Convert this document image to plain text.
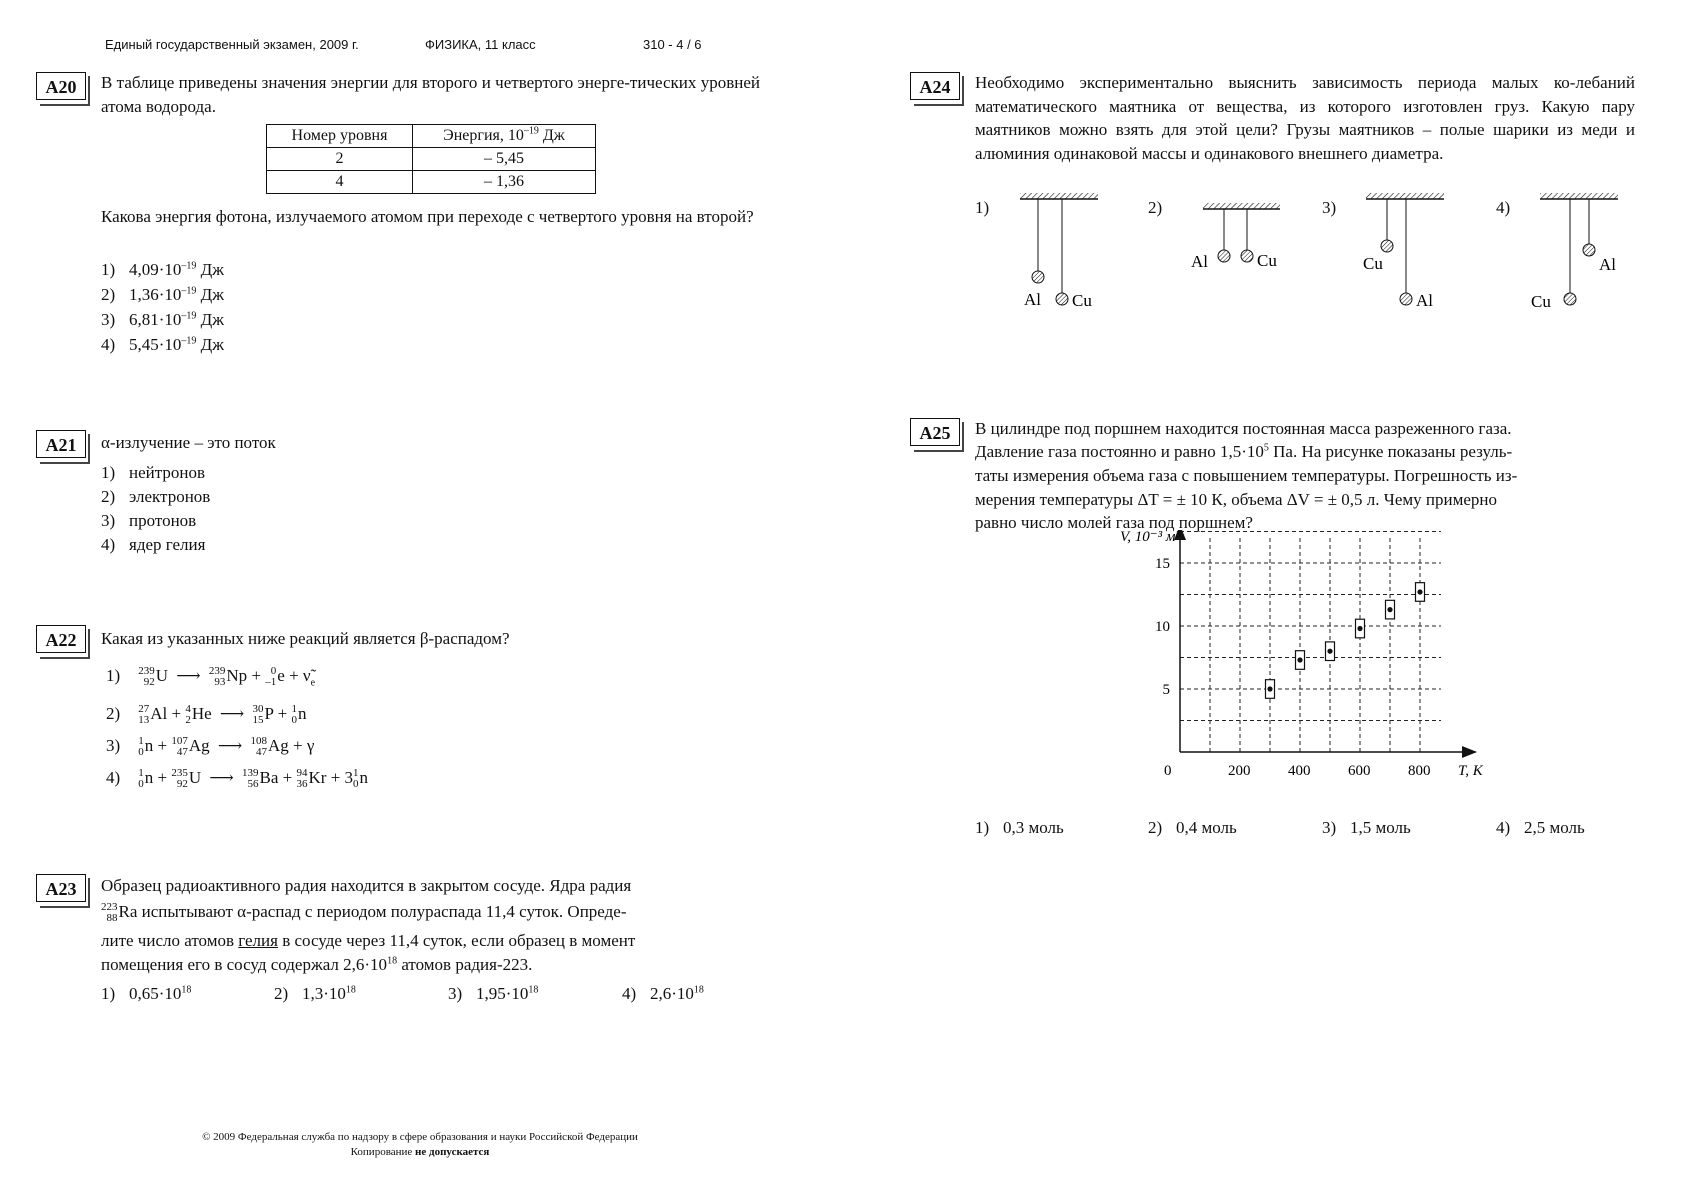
Единый государственный экзамен, 2009 г.	ФИЗИКА, 11 класс	310 - 4 / 6
A20	В таблице приведены значения энергии для второго и четвертого энерге-тических уровней атома водорода.
Номер уровня	Энергия, $10^{-19}$ Дж
2	– 5,45
4	– 1,36
Какова энергия фотона, излучаемого атомом при переходе с четвертого уровня на второй?
1) $4,09\cdot 10^{-19}$ Дж
2) $1,36\cdot 10^{-19}$ Дж
3) $6,81\cdot 10^{-19}$ Дж
4) $5,45\cdot 10^{-19}$ Дж
A21	α-излучение – это поток
1) нейтронов
2) электронов
3) протонов
4) ядер гелия
A22	Какая из указанных ниже реакций является β-распадом?
1) 239
92 U ⟶ 239
93 Np + 0
–1 $e + \nũ_e$
2) 27
13 Al + 4
2 He ⟶ 30
15 P + 1
0 n
3) 1
0 n + 107
47 Ag ⟶ 108
47 Ag + γ
4) 1
0 n + 235
92 U ⟶ 139
56 Ba + 94
36 Kr + 3 1
0 n
A23	Образец радиоактивного радия находится в закрытом сосуде. Ядра радия
223
88 Ra испытывают α-распад с периодом полураспада 11,4 суток. Опреде-
лите число атомов гелия в сосуде через 11,4 суток, если образец в момент
помещения его в сосуд содержал $2,6\cdot 10^{18}$ атомов радия-223.
1) $0,65\cdot 10^{18}$	2) $1,3\cdot 10^{18}$	3) $1,95\cdot 10^{18}$	4) $2,6\cdot 10^{18}$
A24	Необходимо экспериментально выяснить зависимость периода малых ко-лебаний математического маятника от вещества, из которого изготовлен груз. Какую пару маятников можно взять для этой цели? Грузы маятников – полые шарики из меди и алюминия одинаковой массы и одинакового внешнего диаметра.
1)	2)	3)	4)
Al Cu
Al	Cu	Cu
Al	Cu
Al
A25	В цилиндре под поршнем находится постоянная масса разреженного газа.
Давление газа постоянно и равно $1,5\cdot 10^5$ Па. На рисунке показаны резуль-
таты измерения объема газа с повышением температуры. Погрешность из-
мерения температуры ΔT = ± 10 К, объема ΔV = ± 0,5 л. Чему примерно
равно число молей газа под поршнем?
0	200	400	600	800
5
10
15
V, 10⁻³ м³
T, К
1) 0,3 моль	2) 0,4 моль	3) 1,5 моль	4) 2,5 моль
© 2009 Федеральная служба по надзору в сфере образования и науки Российской Федерации
Копирование не допускается
